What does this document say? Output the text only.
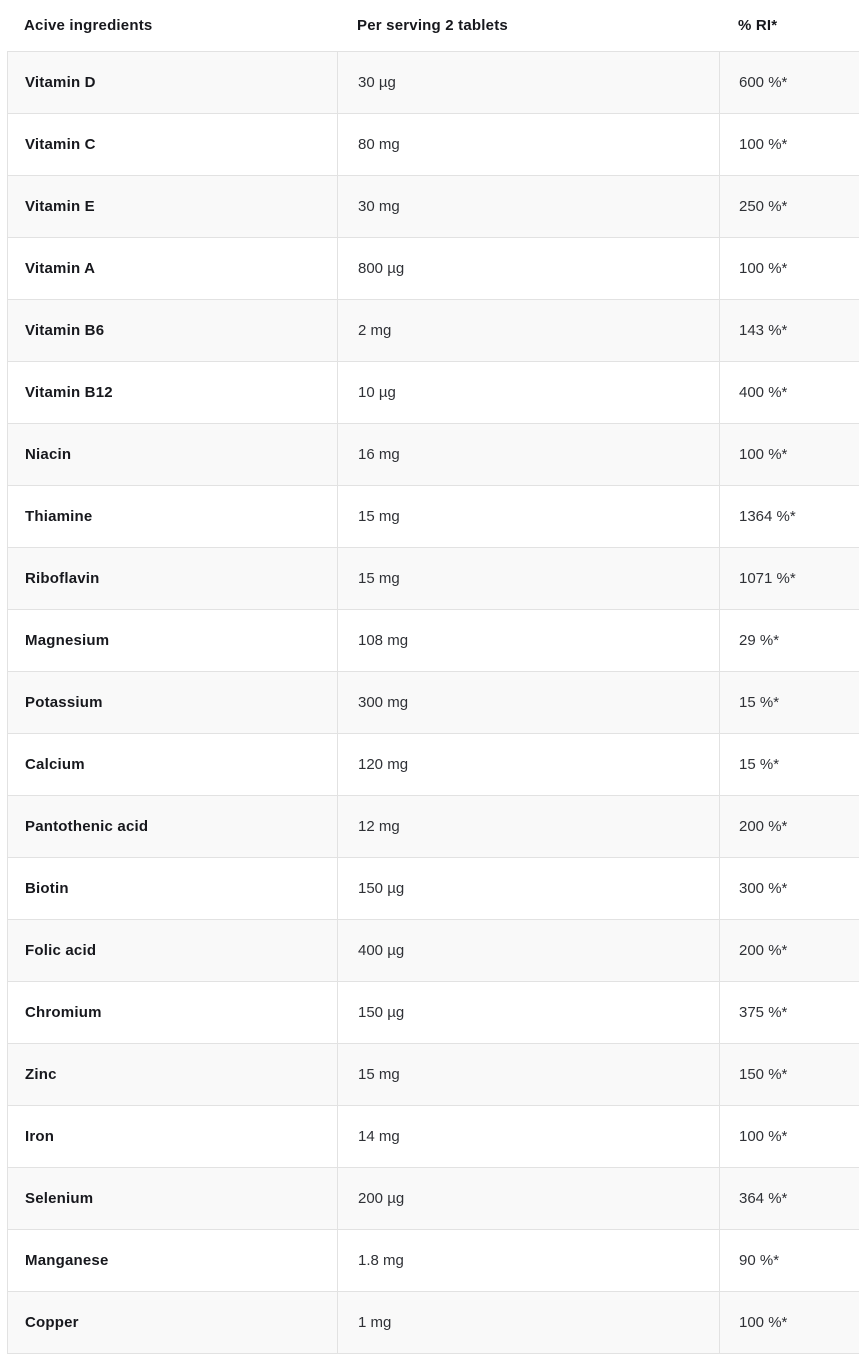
Acive ingredients	Per serving 2 tablets	% RI*
Vitamin D	30 µg	600 %*
Vitamin C	80 mg	100 %*
Vitamin E	30 mg	250 %*
Vitamin A	800 µg	100 %*
Vitamin B6	2 mg	143 %*
Vitamin B12	10 µg	400 %*
Niacin	16 mg	100 %*
Thiamine	15 mg	1364 %*
Riboflavin	15 mg	1071 %*
Magnesium	108 mg	29 %*
Potassium	300 mg	15 %*
Calcium	120 mg	15 %*
Pantothenic acid	12 mg	200 %*
Biotin	150 µg	300 %*
Folic acid	400 µg	200 %*
Chromium	150 µg	375 %*
Zinc	15 mg	150 %*
Iron	14 mg	100 %*
Selenium	200 µg	364 %*
Manganese	1.8 mg	90 %*
Copper	1 mg	100 %*
